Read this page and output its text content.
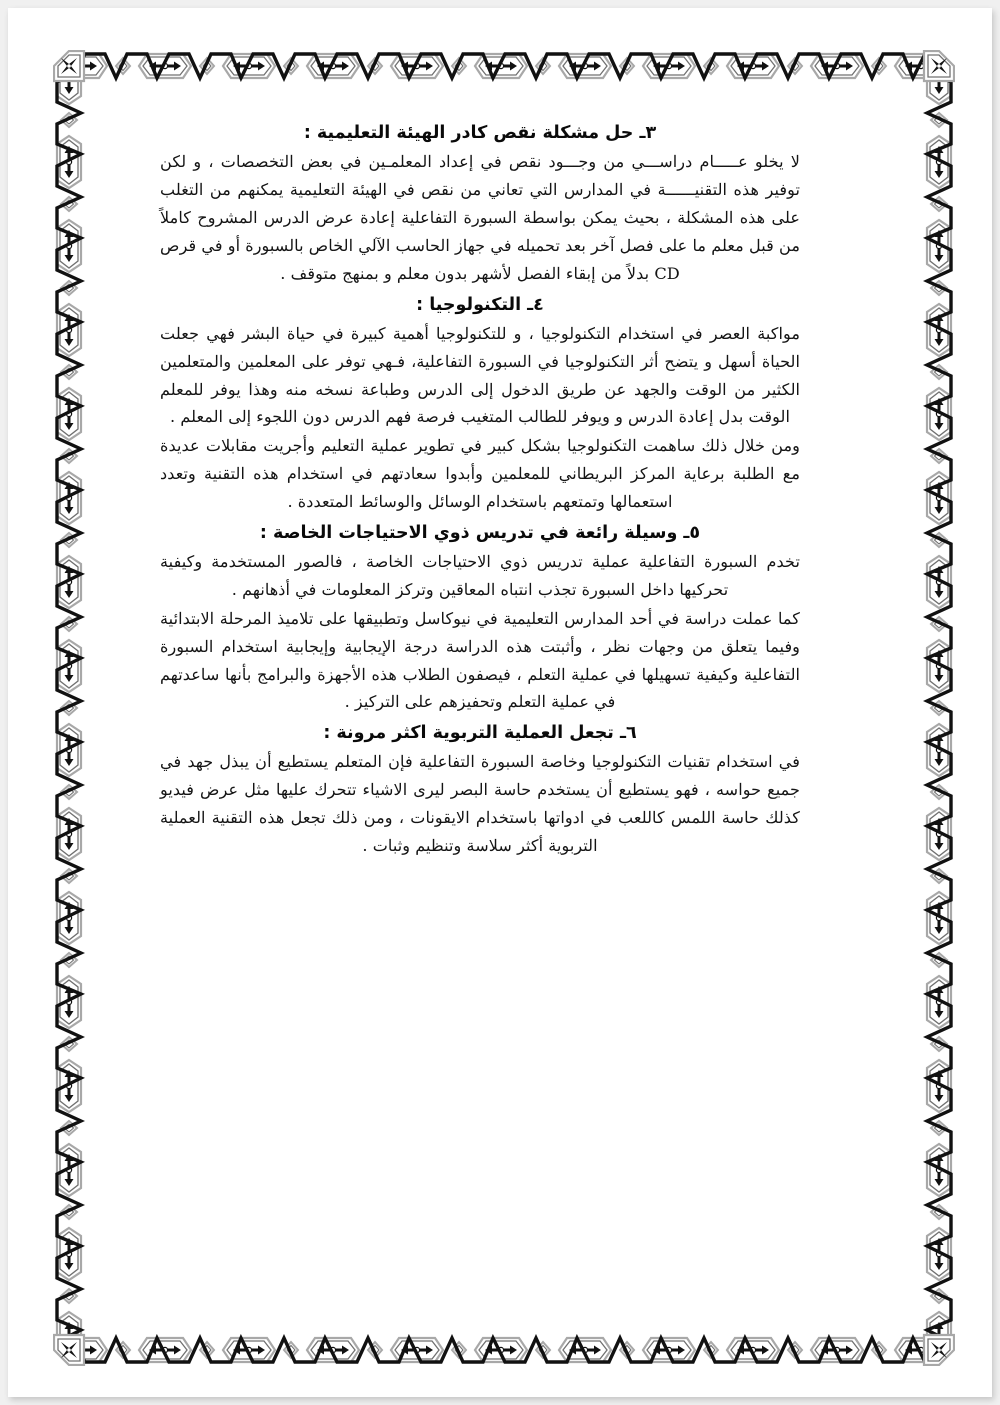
٣ـ حل مشكلة نقص كادر الهيئة التعليمية :

لا يخلو عـــــام دراســـي من وجـــود نقص في إعداد المعلمـين في بعض التخصصات ، و لكن توفير هذه التقنيــــــة في المدارس التي تعاني من نقص في الهيئة التعليمية يمكنهم من التغلب على هذه المشكلة ، بحيث يمكن بواسطة السبورة التفاعلية إعادة عرض الدرس المشروح كاملاً من قبل معلم ما على فصل آخر بعد تحميله في جهاز الحاسب الآلي الخاص بالسبورة أو في قرص CD بدلاً من إبقاء الفصل لأشهر بدون معلم و بمنهج متوقف .

٤ـ التكنولوجيا :

مواكبة العصر في استخدام التكنولوجيا ، و للتكنولوجيا أهمية كبيرة في حياة البشر فهي جعلت الحياة أسهل و يتضح أثر التكنولوجيا في السبورة التفاعلية، فـهي توفر على المعلمين والمتعلمين الكثير من الوقت والجهد عن طريق الدخول إلى الدرس وطباعة نسخه منه وهذا يوفر للمعلم الوقت بدل إعادة الدرس و ويوفر للطالب المتغيب فرصة فهم الدرس دون اللجوء إلى المعلم .

ومن خلال ذلك ساهمت التكنولوجيا بشكل كبير في تطوير عملية التعليم وأجريت مقابلات عديدة مع الطلبة برعاية المركز البريطاني للمعلمين وأبدوا سعادتهم في استخدام هذه التقنية وتعدد استعمالها وتمتعهم باستخدام الوسائل والوسائط المتعددة .

٥ـ وسيلة رائعة في تدريس ذوي الاحتياجات الخاصة :

تخدم السبورة التفاعلية عملية تدريس ذوي الاحتياجات الخاصة ، فالصور المستخدمة وكيفية تحركيها داخل السبورة تجذب انتباه المعاقين وتركز المعلومات في أذهانهم .

كما عملت دراسة في أحد المدارس التعليمية في نيوكاسل وتطبيقها على تلاميذ المرحلة الابتدائية وفيما يتعلق من وجهات نظر ، وأثبتت هذه الدراسة درجة الإيجابية وإيجابية استخدام السبورة التفاعلية وكيفية تسهيلها في عملية التعلم ، فيصفون الطلاب هذه الأجهزة والبرامج بأنها ساعدتهم في عملية التعلم وتحفيزهم على التركيز .

٦ـ تجعل العملية التربوية اكثر مرونة :

في استخدام تقنيات التكنولوجيا وخاصة السبورة التفاعلية فإن المتعلم يستطيع أن يبذل جهد في جميع حواسه ، فهو يستطيع أن يستخدم حاسة البصر ليرى الاشياء تتحرك عليها مثل عرض فيديو كذلك حاسة اللمس كاللعب في ادواتها باستخدام الايقونات ، ومن ذلك تجعل هذه التقنية العملية التربوية أكثر سلاسة وتنظيم وثبات .
